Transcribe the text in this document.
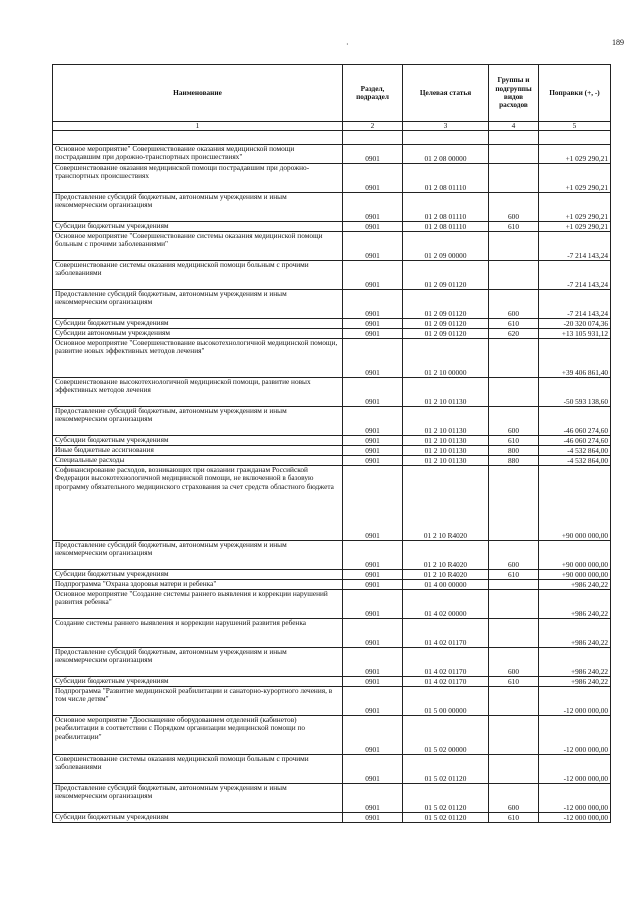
·	189
Наименование	Раздел, подраздел	Целевая статья	Группы и подгруппы видов расходов	Поправки (+, -)
1	2	3	4	5

Основное мероприятие" Совершенствование оказания медицинской помощи пострадавшим при дорожно-транспортных происшествиях"	0901	01 2 08 00000		+1 029 290,21
Совершенствование оказания медицинской помощи пострадавшим при дорожно-транспортных происшествиях	0901	01 2 08 01110		+1 029 290,21
Предоставление субсидий бюджетным, автономным учреждениям и иным некоммерческим организациям	0901	01 2 08 01110	600	+1 029 290,21
Субсидии бюджетным учреждениям	0901	01 2 08 01110	610	+1 029 290,21
Основное мероприятие "Совершенствование системы оказания медицинской помощи больным с прочими заболеваниями"	0901	01 2 09 00000		-7 214 143,24
Совершенствование системы оказания медицинской помощи больным с прочими заболеваниями	0901	01 2 09 01120		-7 214 143,24
Предоставление субсидий бюджетным, автономным учреждениям и иным некоммерческим организациям	0901	01 2 09 01120	600	-7 214 143,24
Субсидии бюджетным учреждениям	0901	01 2 09 01120	610	-20 320 074,36
Субсидии автономным учреждениям	0901	01 2 09 01120	620	+13 105 931,12
Основное мероприятие "Совершенствование высокотехнологичной медицинской помощи, развитие новых эффективных методов лечения"	0901	01 2 10 00000		+39 406 861,40
Совершенствование высокотехнологичной медицинской помощи, развитие новых эффективных методов лечения	0901	01 2 10 01130		-50 593 138,60
Предоставление субсидий бюджетным, автономным учреждениям и иным некоммерческим организациям	0901	01 2 10 01130	600	-46 060 274,60
Субсидии бюджетным учреждениям	0901	01 2 10 01130	610	-46 060 274,60
Иные бюджетные ассигнования	0901	01 2 10 01130	800	-4 532 864,00
Специальные расходы	0901	01 2 10 01130	880	-4 532 864,00
Софинансирование расходов, возникающих при оказании гражданам Российской Федерации высокотехнологичной медицинской помощи, не включенной в базовую программу обязательного медицинского страхования за счет средств областного бюджета	0901	01 2 10 R4020		+90 000 000,00
Предоставление субсидий бюджетным, автономным учреждениям и иным некоммерческим организациям	0901	01 2 10 R4020	600	+90 000 000,00
Субсидии бюджетным учреждениям	0901	01 2 10 R4020	610	+90 000 000,00
Подпрограмма "Охрана здоровья матери и ребенка"	0901	01 4 00 00000		+986 240,22
Основное мероприятие "Создание системы раннего выявления и коррекции нарушений развития ребенка"	0901	01 4 02 00000		+986 240,22
Создание системы раннего выявления и коррекции нарушений развития ребенка	0901	01 4 02 01170		+986 240,22
Предоставление субсидий бюджетным, автономным учреждениям и иным некоммерческим организациям	0901	01 4 02 01170	600	+986 240,22
Субсидии бюджетным учреждениям	0901	01 4 02 01170	610	+986 240,22
Подпрограмма "Развитие медицинской реабилитации и санаторно-курортного лечения, в том числе детям"	0901	01 5 00 00000		-12 000 000,00
Основное мероприятие "Дооснащение оборудованием отделений (кабинетов) реабилитации в соответствии с Порядком организации медицинской помощи по реабилитации"	0901	01 5 02 00000		-12 000 000,00
Совершенствование системы оказания медицинской помощи больным с прочими заболеваниями	0901	01 5 02 01120		-12 000 000,00
Предоставление субсидий бюджетным, автономным учреждениям и иным некоммерческим организациям	0901	01 5 02 01120	600	-12 000 000,00
Субсидии бюджетным учреждениям	0901	01 5 02 01120	610	-12 000 000,00
